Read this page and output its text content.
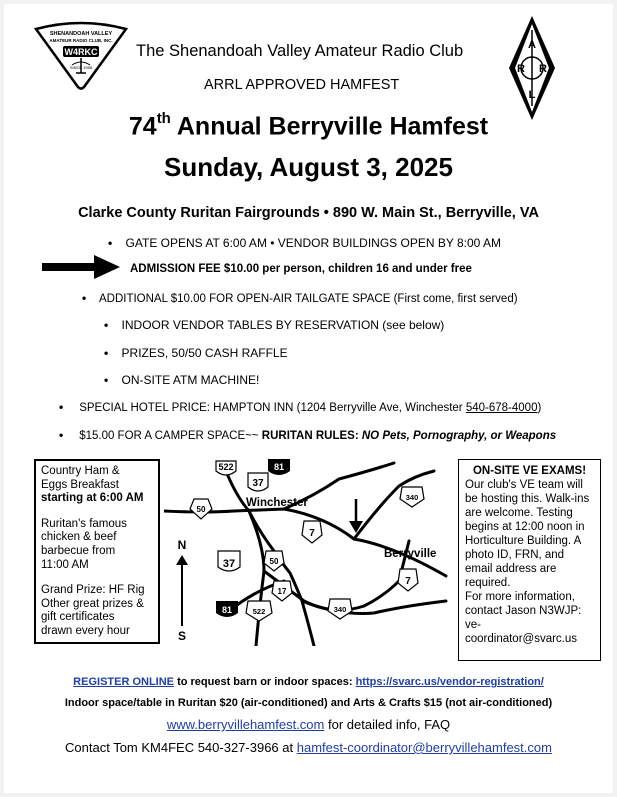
SHENANDOAH VALLEY
AMATEUR RADIO CLUB, INC.
W4RKC
SINCE 1958
A
R R
L
The Shenandoah Valley Amateur Radio Club
ARRL APPROVED HAMFEST
74th Annual Berryville Hamfest
Sunday, August 3, 2025
Clarke County Ruritan Fairgrounds • 890 W. Main St., Berryville, VA
• GATE OPENS AT 6:00 AM • VENDOR BUILDINGS OPEN BY 8:00 AM
ADMISSION FEE $10.00 per person, children 16 and under free
• ADDITIONAL $10.00 FOR OPEN-AIR TAILGATE SPACE (First come, first served)
• INDOOR VENDOR TABLES BY RESERVATION (see below)
• PRIZES, 50/50 CASH RAFFLE
• ON-SITE ATM MACHINE!
• SPECIAL HOTEL PRICE: HAMPTON INN (1204 Berryville Ave, Winchester 540-678-4000)
• $15.00 FOR A CAMPER SPACE~~ RURITAN RULES: NO Pets, Pornography, or Weapons
Country Ham &
Eggs Breakfast
starting at 6:00 AM
Ruritan's famous
chicken & beef
barbecue from
11:00 AM
Grand Prize: HF Rig
Other great prizes &
gift certificates
drawn every hour
522	81
37
50
7
340
37	50
17
7
81	522	340
Winchester
Berryville
N
S
ON-SITE VE EXAMS!
Our club's VE team will
be hosting this. Walk-ins
are welcome. Testing
begins at 12:00 noon in
Horticulture Building. A
photo ID, FRN, and
email address are
required.
For more information,
contact Jason N3WJP:
ve-
coordinator@svarc.us
REGISTER ONLINE to request barn or indoor spaces: https://svarc.us/vendor-registration/
Indoor space/table in Ruritan $20 (air-conditioned) and Arts & Crafts $15 (not air-conditioned)
www.berryvillehamfest.com for detailed info, FAQ
Contact Tom KM4FEC 540-327-3966 at hamfest-coordinator@berryvillehamfest.com
